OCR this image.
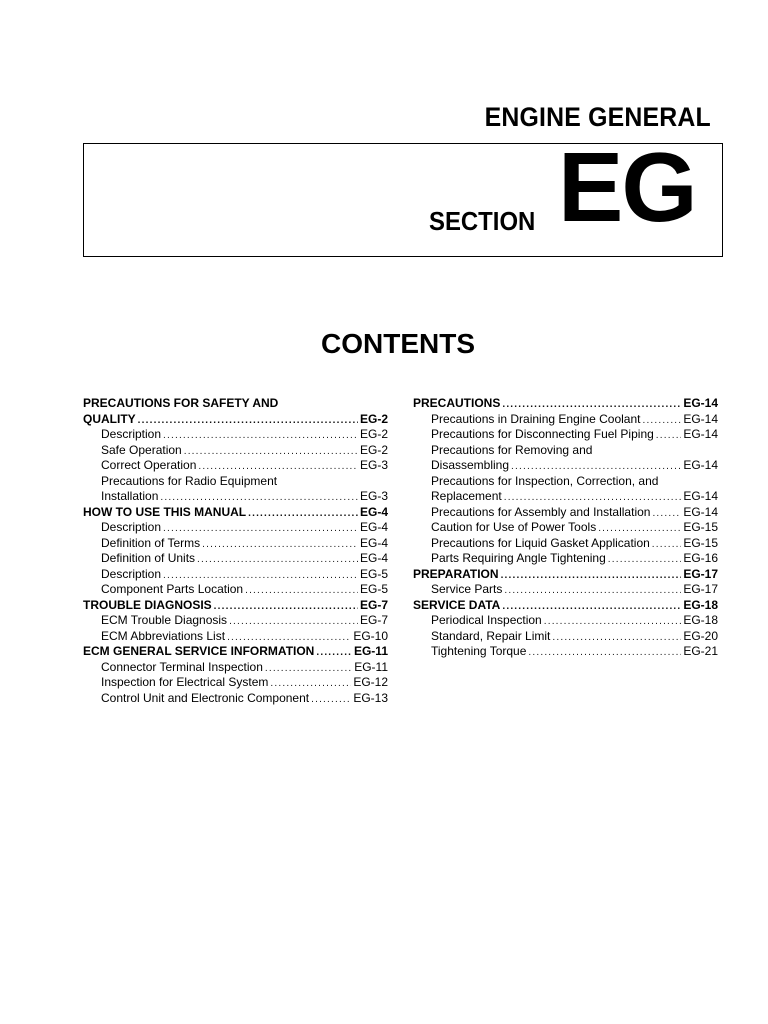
ENGINE GENERAL
SECTION EG
CONTENTS
PRECAUTIONS FOR SAFETY AND
QUALITY .....	EG-2
Description .....	EG-2
Safe Operation .....	EG-2
Correct Operation .....	EG-3
Precautions for Radio Equipment
Installation .....	EG-3
HOW TO USE THIS MANUAL .....	EG-4
Description .....	EG-4
Definition of Terms .....	EG-4
Definition of Units .....	EG-4
Description .....	EG-5
Component Parts Location .....	EG-5
TROUBLE DIAGNOSIS .....	EG-7
ECM Trouble Diagnosis .....	EG-7
ECM Abbreviations List .....	EG-10
ECM GENERAL SERVICE INFORMATION .....	EG-11
Connector Terminal Inspection .....	EG-11
Inspection for Electrical System .....	EG-12
Control Unit and Electronic Component .....	EG-13
PRECAUTIONS .....	EG-14
Precautions in Draining Engine Coolant .....	EG-14
Precautions for Disconnecting Fuel Piping ..... EG-14
Precautions for Removing and
Disassembling .....	EG-14
Precautions for Inspection, Correction, and
Replacement .....	EG-14
Precautions for Assembly and Installation .....	EG-14
Caution for Use of Power Tools .....	EG-15
Precautions for Liquid Gasket Application .....	EG-15
Parts Requiring Angle Tightening .....	EG-16
PREPARATION .....	EG-17
Service Parts .....	EG-17
SERVICE DATA .....	EG-18
Periodical Inspection .....	EG-18
Standard, Repair Limit .....	EG-20
Tightening Torque .....	EG-21
